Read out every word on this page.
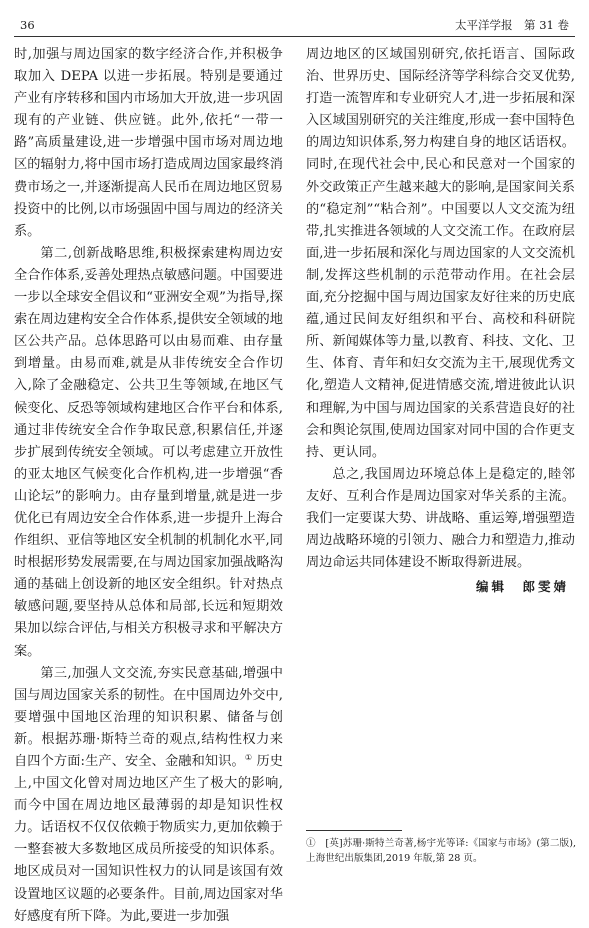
36	太平洋学报　第 31 卷

时,加强与周边国家的数字经济合作,并积极争取加入 DEPA 以进一步拓展。特别是要通过产业有序转移和国内市场加大开放,进一步巩固现有的产业链、供应链。此外,依托“一带一路”高质量建设,进一步增强中国市场对周边地区的辐射力,将中国市场打造成周边国家最终消费市场之一,并逐渐提高人民币在周边地区贸易投资中的比例,以市场强固中国与周边的经济关系。

第二,创新战略思维,积极探索建构周边安全合作体系,妥善处理热点敏感问题。中国要进一步以全球安全倡议和“亚洲安全观”为指导,探索在周边建构安全合作体系,提供安全领域的地区公共产品。总体思路可以由易而难、由存量到增量。由易而难,就是从非传统安全合作切入,除了金融稳定、公共卫生等领域,在地区气候变化、反恐等领域构建地区合作平台和体系,通过非传统安全合作争取民意,积累信任,并逐步扩展到传统安全领域。可以考虑建立开放性的亚太地区气候变化合作机构,进一步增强“香山论坛”的影响力。由存量到增量,就是进一步优化已有周边安全合作体系,进一步提升上海合作组织、亚信等地区安全机制的机制化水平,同时根据形势发展需要,在与周边国家加强战略沟通的基础上创设新的地区安全组织。针对热点敏感问题,要坚持从总体和局部,长远和短期效果加以综合评估,与相关方积极寻求和平解决方案。

第三,加强人文交流,夯实民意基础,增强中国与周边国家关系的韧性。在中国周边外交中,要增强中国地区治理的知识积累、储备与创新。根据苏珊·斯特兰奇的观点,结构性权力来自四个方面:生产、安全、金融和知识。① 历史上,中国文化曾对周边地区产生了极大的影响,而今中国在周边地区最薄弱的却是知识性权力。话语权不仅仅依赖于物质实力,更加依赖于一整套被大多数地区成员所接受的知识体系。地区成员对一国知识性权力的认同是该国有效设置地区议题的必要条件。目前,周边国家对华好感度有所下降。为此,要进一步加强

周边地区的区域国别研究,依托语言、国际政治、世界历史、国际经济等学科综合交叉优势,打造一流智库和专业研究人才,进一步拓展和深入区域国别研究的关注维度,形成一套中国特色的周边知识体系,努力构建自身的地区话语权。同时,在现代社会中,民心和民意对一个国家的外交政策正产生越来越大的影响,是国家间关系的“稳定剂”“粘合剂”。中国要以人文交流为纽带,扎实推进各领域的人文交流工作。在政府层面,进一步拓展和深化与周边国家的人文交流机制,发挥这些机制的示范带动作用。在社会层面,充分挖掘中国与周边国家友好往来的历史底蕴,通过民间友好组织和平台、高校和科研院所、新闻媒体等力量,以教育、科技、文化、卫生、体育、青年和妇女交流为主干,展现优秀文化,塑造人文精神,促进情感交流,增进彼此认识和理解,为中国与周边国家的关系营造良好的社会和舆论氛围,使周边国家对同中国的合作更支持、更认同。

总之,我国周边环境总体上是稳定的,睦邻友好、互利合作是周边国家对华关系的主流。我们一定要谋大势、讲战略、重运筹,增强塑造周边战略环境的引领力、融合力和塑造力,推动周边命运共同体建设不断取得新进展。

编辑　郎雯婧
①　[英]苏珊·斯特兰奇著,杨宇光等译:《国家与市场》(第二版),上海世纪出版集团,2019 年版,第 28 页。
